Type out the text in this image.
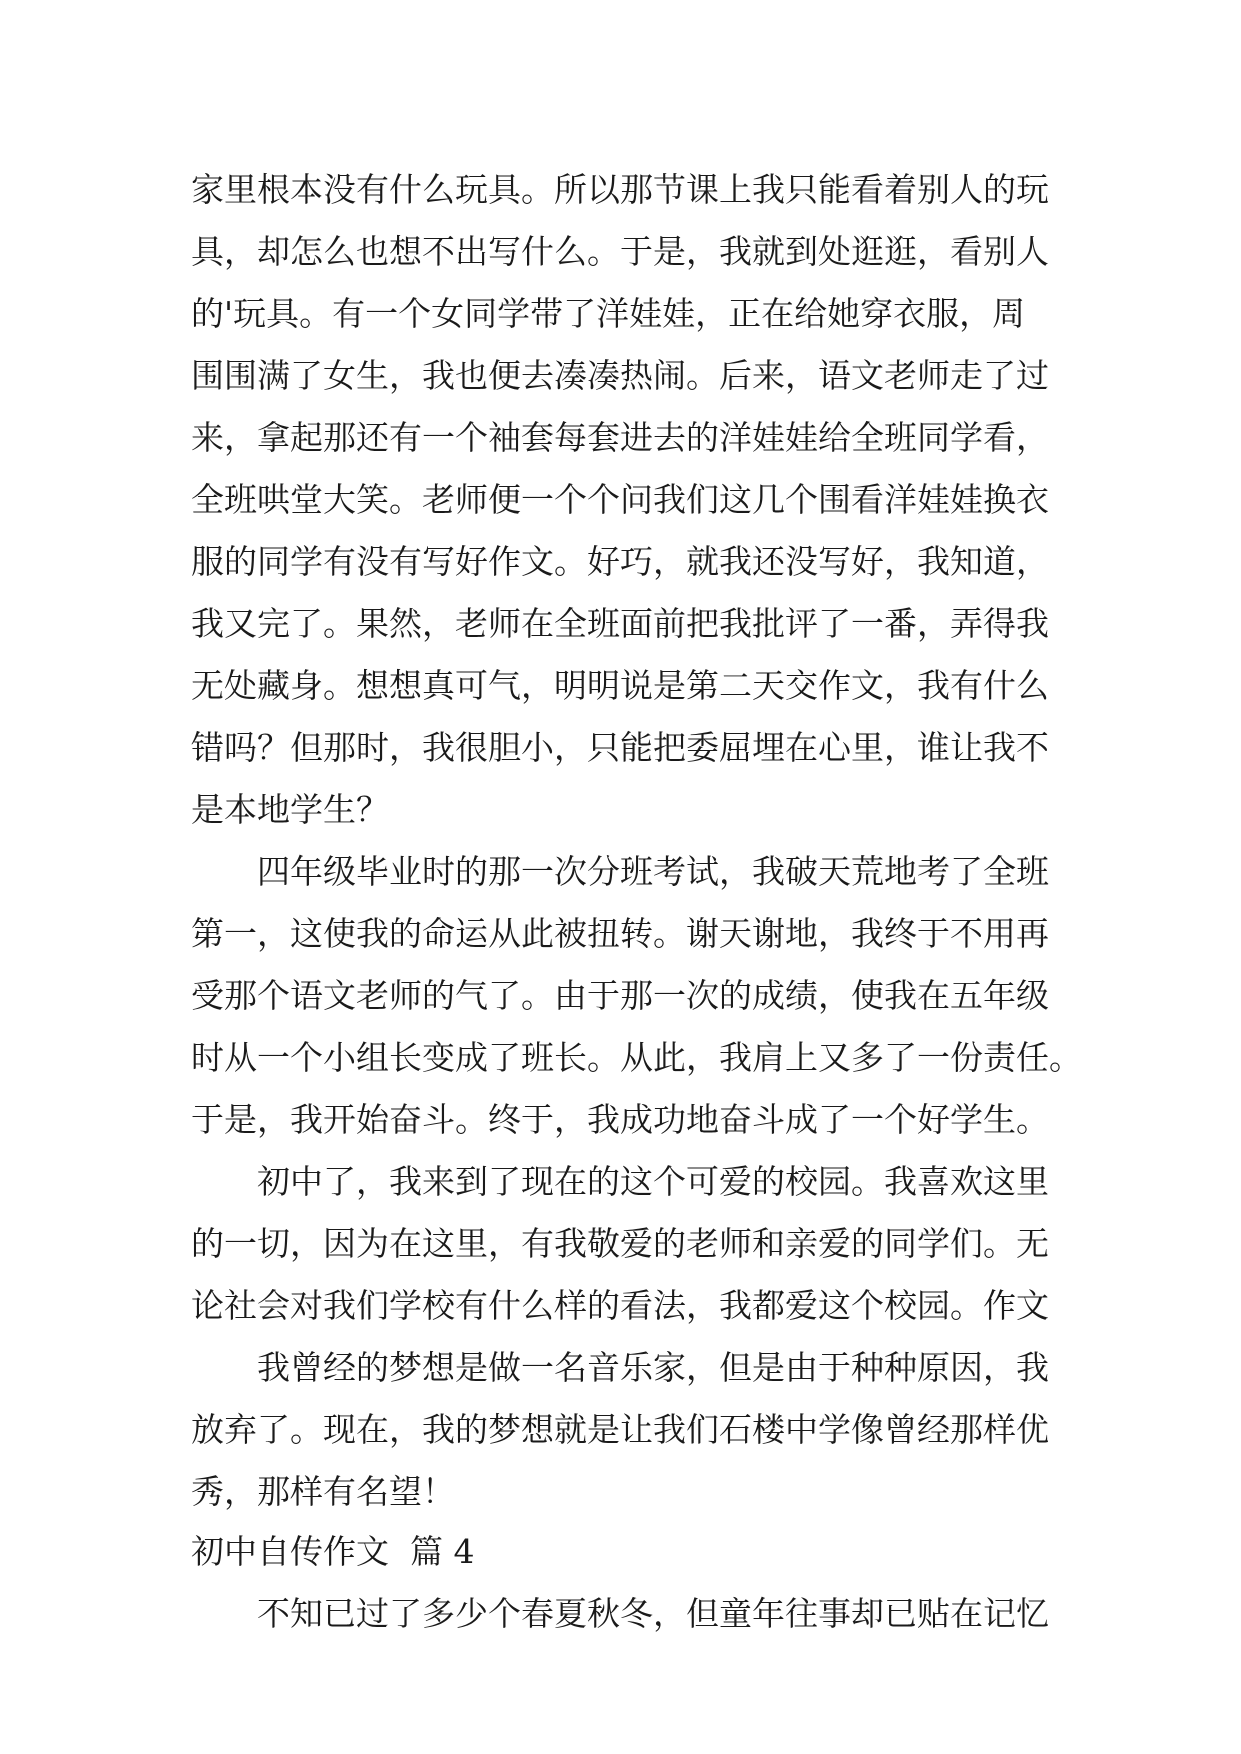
家里根本没有什么玩具。所以那节课上我只能看着别人的玩
具，却怎么也想不出写什么。于是，我就到处逛逛，看别人
的'玩具。有一个女同学带了洋娃娃，正在给她穿衣服，周
围围满了女生，我也便去凑凑热闹。后来，语文老师走了过
来，拿起那还有一个袖套每套进去的洋娃娃给全班同学看，
全班哄堂大笑。老师便一个个问我们这几个围看洋娃娃换衣
服的同学有没有写好作文。好巧，就我还没写好，我知道，
我又完了。果然，老师在全班面前把我批评了一番，弄得我
无处藏身。想想真可气，明明说是第二天交作文，我有什么
错吗？但那时，我很胆小，只能把委屈埋在心里，谁让我不
是本地学生？
四年级毕业时的那一次分班考试，我破天荒地考了全班
第一，这使我的命运从此被扭转。谢天谢地，我终于不用再
受那个语文老师的气了。由于那一次的成绩，使我在五年级
时从一个小组长变成了班长。从此，我肩上又多了一份责任。
于是，我开始奋斗。终于，我成功地奋斗成了一个好学生。
初中了，我来到了现在的这个可爱的校园。我喜欢这里
的一切，因为在这里，有我敬爱的老师和亲爱的同学们。无
论社会对我们学校有什么样的看法，我都爱这个校园。作文
我曾经的梦想是做一名音乐家，但是由于种种原因，我
放弃了。现在，我的梦想就是让我们石楼中学像曾经那样优
秀，那样有名望！
初中自传作文  篇 4
不知已过了多少个春夏秋冬，但童年往事却已贴在记忆
